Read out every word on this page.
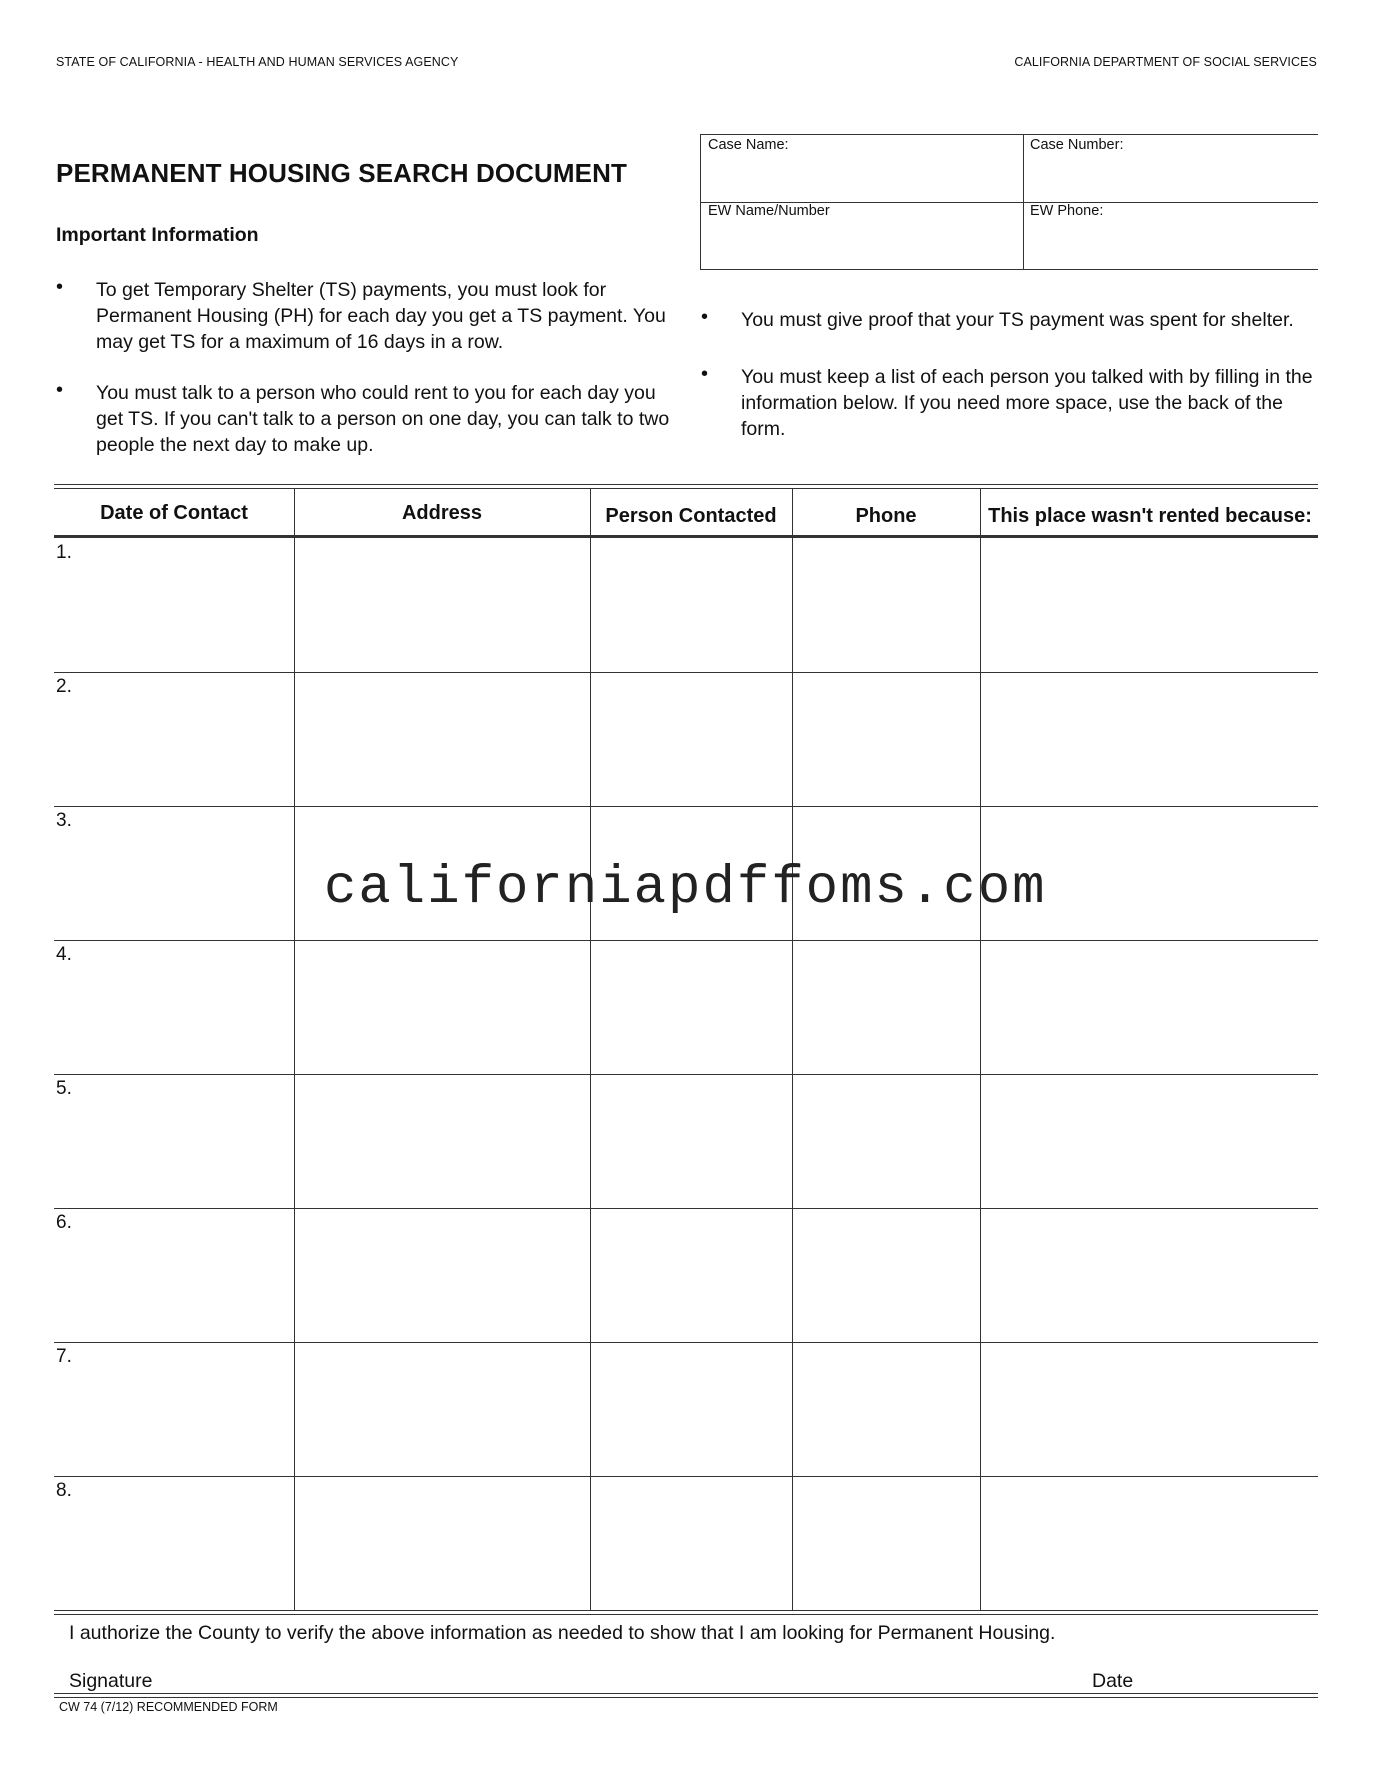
STATE OF CALIFORNIA - HEALTH AND HUMAN SERVICES AGENCY	CALIFORNIA DEPARTMENT OF SOCIAL SERVICES
PERMANENT HOUSING SEARCH DOCUMENT
Important Information
• To get Temporary Shelter (TS) payments, you must look for Permanent Housing (PH) for each day you get a TS payment. You may get TS for a maximum of 16 days in a row.
• You must talk to a person who could rent to you for each day you get TS. If you can't talk to a person on one day, you can talk to two people the next day to make up.
• You must give proof that your TS payment was spent for shelter.
• You must keep a list of each person you talked with by filling in the information below. If you need more space, use the back of the form.
Case Name:	Case Number:
EW Name/Number	EW Phone:
Date of Contact	Address	Person Contacted	Phone	This place wasn't rented because:
1.
2.
3.
4.
5.
6.
7.
8.
californiapdffoms.com
I authorize the County to verify the above information as needed to show that I am looking for Permanent Housing.
Signature	Date
CW 74 (7/12) RECOMMENDED FORM
